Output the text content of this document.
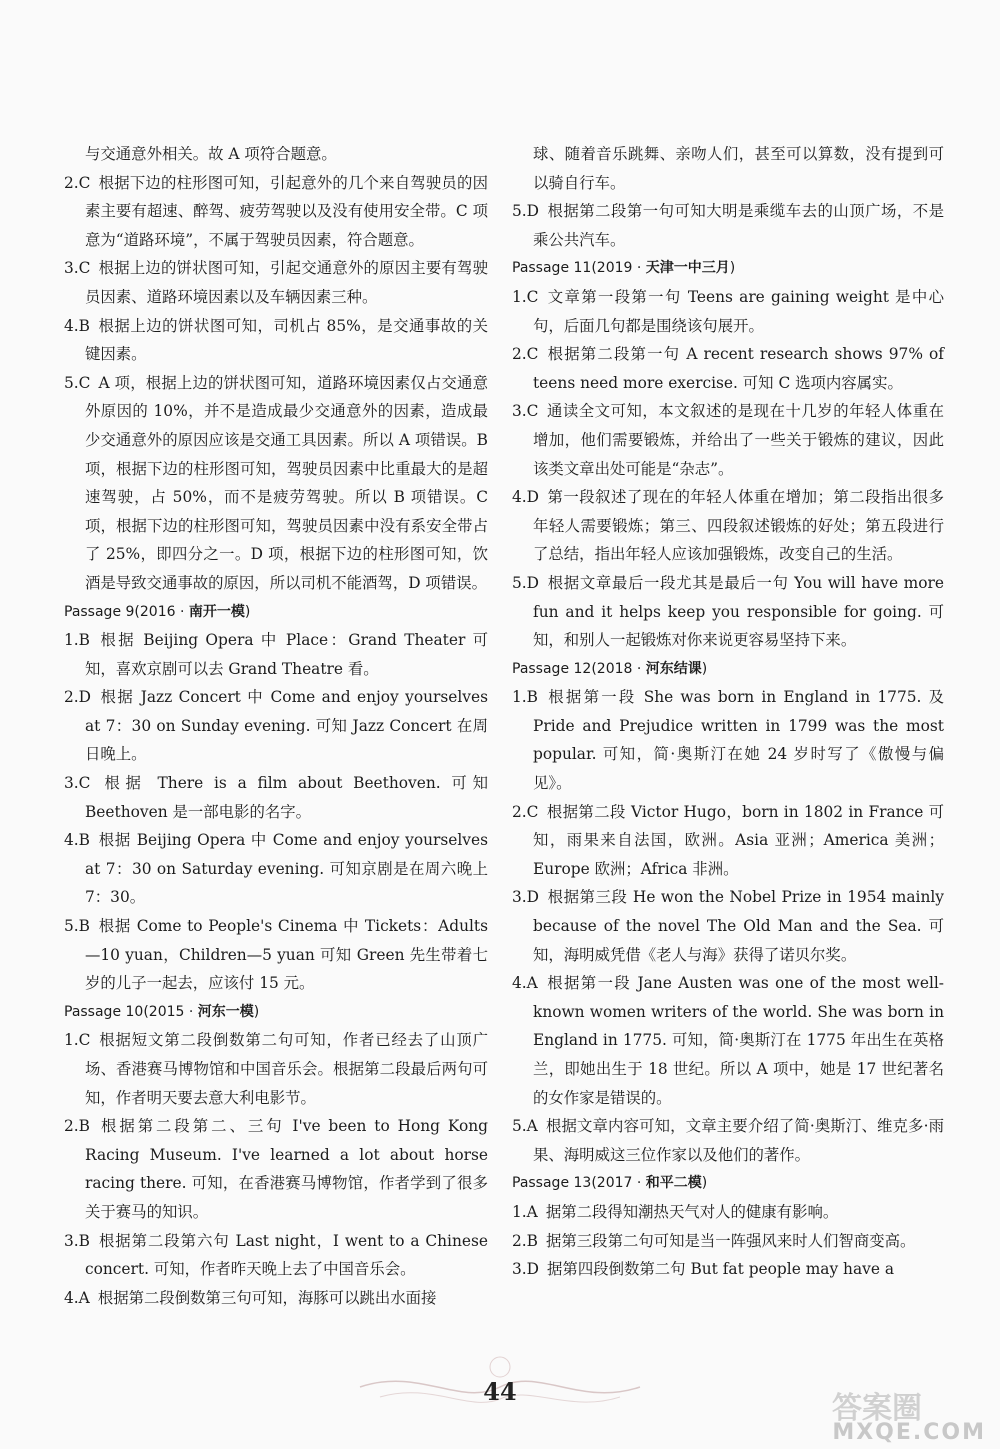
与交通意外相关。故 A 项符合题意。

2.C 根据下边的柱形图可知，引起意外的几个来自驾驶员的因素主要有超速、醉驾、疲劳驾驶以及没有使用安全带。C 项意为“道路环境”，不属于驾驶员因素，符合题意。

3.C 根据上边的饼状图可知，引起交通意外的原因主要有驾驶员因素、道路环境因素以及车辆因素三种。

4.B 根据上边的饼状图可知，司机占 85%，是交通事故的关键因素。

5.C A 项，根据上边的饼状图可知，道路环境因素仅占交通意外原因的 10%，并不是造成最少交通意外的因素，造成最少交通意外的原因应该是交通工具因素。所以 A 项错误。B 项，根据下边的柱形图可知，驾驶员因素中比重最大的是超速驾驶，占 50%，而不是疲劳驾驶。所以 B 项错误。C 项，根据下边的柱形图可知，驾驶员因素中没有系安全带占了 25%，即四分之一。D 项，根据下边的柱形图可知，饮酒是导致交通事故的原因，所以司机不能酒驾，D 项错误。

Passage 9(2016 · 南开一模)

1.B 根据 Beijing Opera 中 Place：Grand Theater 可知，喜欢京剧可以去 Grand Theatre 看。

2.D 根据 Jazz Concert 中 Come and enjoy yourselves at 7：30 on Sunday evening. 可知 Jazz Concert 在周日晚上。

3.C 根据 There is a film about Beethoven. 可知 Beethoven 是一部电影的名字。

4.B 根据 Beijing Opera 中 Come and enjoy yourselves at 7：30 on Saturday evening. 可知京剧是在周六晚上 7：30。

5.B 根据 Come to People's Cinema 中 Tickets：Adults—10 yuan，Children—5 yuan 可知 Green 先生带着七岁的儿子一起去，应该付 15 元。

Passage 10(2015 · 河东一模)

1.C 根据短文第二段倒数第二句可知，作者已经去了山顶广场、香港赛马博物馆和中国音乐会。根据第二段最后两句可知，作者明天要去意大利电影节。

2.B 根据第二段第二、三句 I've been to Hong Kong Racing Museum. I've learned a lot about horse racing there. 可知，在香港赛马博物馆，作者学到了很多关于赛马的知识。

3.B 根据第二段第六句 Last night，I went to a Chinese concert. 可知，作者昨天晚上去了中国音乐会。

4.A 根据第二段倒数第三句可知，海豚可以跳出水面接

球、随着音乐跳舞、亲吻人们，甚至可以算数，没有提到可以骑自行车。

5.D 根据第二段第一句可知大明是乘缆车去的山顶广场，不是乘公共汽车。

Passage 11(2019 · 天津一中三月)

1.C 文章第一段第一句 Teens are gaining weight 是中心句，后面几句都是围绕该句展开。

2.C 根据第二段第一句 A recent research shows 97% of teens need more exercise. 可知 C 选项内容属实。

3.C 通读全文可知，本文叙述的是现在十几岁的年轻人体重在增加，他们需要锻炼，并给出了一些关于锻炼的建议，因此该类文章出处可能是“杂志”。

4.D 第一段叙述了现在的年轻人体重在增加；第二段指出很多年轻人需要锻炼；第三、四段叙述锻炼的好处；第五段进行了总结，指出年轻人应该加强锻炼，改变自己的生活。

5.D 根据文章最后一段尤其是最后一句 You will have more fun and it helps keep you responsible for going. 可知，和别人一起锻炼对你来说更容易坚持下来。

Passage 12(2018 · 河东结课)

1.B 根据第一段 She was born in England in 1775. 及 Pride and Prejudice written in 1799 was the most popular. 可知，简·奥斯汀在她 24 岁时写了《傲慢与偏见》。

2.C 根据第二段 Victor Hugo，born in 1802 in France 可知，雨果来自法国，欧洲。Asia 亚洲；America 美洲；Europe 欧洲；Africa 非洲。

3.D 根据第三段 He won the Nobel Prize in 1954 mainly because of the novel The Old Man and the Sea. 可知，海明威凭借《老人与海》获得了诺贝尔奖。

4.A 根据第一段 Jane Austen was one of the most well-known women writers of the world. She was born in England in 1775. 可知，简·奥斯汀在 1775 年出生在英格兰，即她出生于 18 世纪。所以 A 项中，她是 17 世纪著名的女作家是错误的。

5.A 根据文章内容可知，文章主要介绍了简·奥斯汀、维克多·雨果、海明威这三位作家以及他们的著作。

Passage 13(2017 · 和平二模)

1.A 据第二段得知潮热天气对人的健康有影响。

2.B 据第三段第二句可知是当一阵强风来时人们智商变高。

3.D 据第四段倒数第二句 But fat people may have a

44	答案圈
MXQE.COM
